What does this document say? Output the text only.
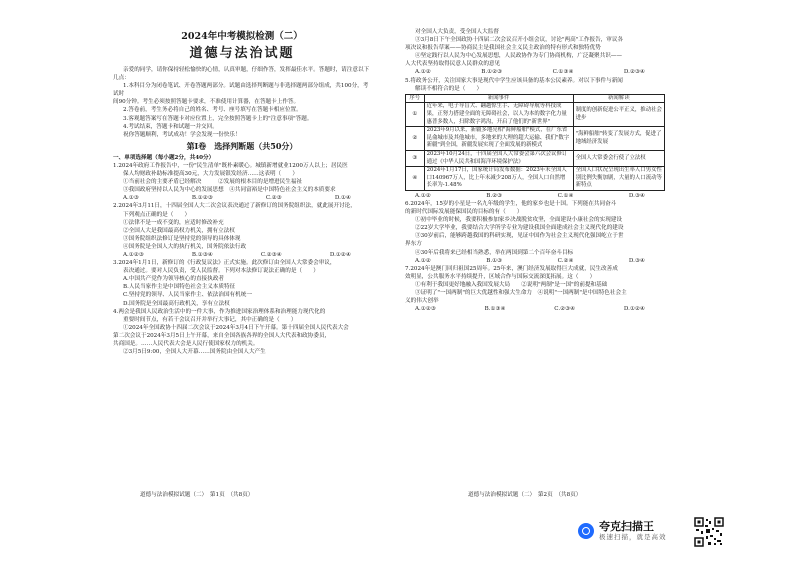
2024年中考模拟检测（二）
道德与法治试题

亲爱的同学，请你保持轻松愉快的心情，认真审题，仔细作答，发挥最佳水平。答题时，请注意以下

几点：

1.本科目分为闭卷笔试、开卷答题两部分。试题由选择判断题与非选择题两部分组成，共100分，考试时

间90分钟。考生必须按照答题卡要求，不准使用计算器，在答题卡上作答。

2.答卷前，考生务必将自己的姓名、考号、座号填写在答题卡相应位置。

3.客观题答案写在答题卡对应位置上，完全按照答题卡上的"注意事项"答题。

4.考试结束，答题卡和试题一并交回。

祝你答题顺利，考试成功！学会发现一份快乐！

第Ⅰ卷　选择判断题（共50分）

一、单项选择题（每小题2分，共40分）

1.2024年政府工作报告中，一份"民生清单"既朴素暖心。城镇新增就业1200万人以上；居民医

保人均财政补助标准提高30元，大力发展银发经济……这表明（　　）

①当前社会的主要矛盾已经解决　　　②发展的根本目的是增进民生福祉

③我国政府坚持以人民为中心的发展思想　④共同富裕是中国特色社会主义的本质要求

A.①③	B.①②③	C.②③	D.①④

2.2024年3月11日，十四届全国人大二次会议表决通过了新修订的国务院组织法，就此展开讨论，

下列观点正确的是（　　）

①法律不是一成不变的，应适时修改补充

②全国人大是我国最高权力机关，拥有立法权

③国务院组织法修订是坚持党的领导的具体体现

④国务院是全国人大的执行机关，国务院依法行政

A.①②③	B.①③④	C.②③④	D.①②④

3.2024年1月1日，新修订的《行政复议法》正式实施。此次修订由全国人大常委会审议，

表决通过。要对人民负责，受人民监督。下列对本法修订说法正确的是（　　）

A.中国共产党作为领导核心的直接执政者

B.人民当家作主是中国特色社会主义本质特征

C.坚持党的领导、人民当家作主、依法治国有机统一

D.国务院是全国最高行政机关，享有立法权

4.两会是我国人民政治生活中的一件大事，作为推进国家治理体系和治理能力现代化的

重要时间节点，有若干会议召开并举行大事记，其中正确的是（　　）

①2024年全国政协十四届二次会议于2024年3月4日下午开幕。第十四届全国人民代表大会

第二次会议于2024年3月5日上午开幕，来自全国各族各界的全国人大代表和政协委员，

共商国是。……人民代表大会是人民行使国家权力的机关。

②3月5日9:00，全国人大开幕……国务院由全国人大产生

道德与法治模拟试题（二）　第1页　（共8页）

对全国人大负责，受全国人大监督

③3月8日下午全国政协十四届二次会议召开小组会议，讨论"两高"工作报告，审议各

项决议和报告草案——协商民主是我国社会主义民主政治的特有形式和独特优势

④坚定践行以人民为中心发展思想，人民政协作为专门协商机构，广泛凝聚共识——

人大代表坚持取得民意人民群众的意见

A.①②	B.①②③	C.①③④	D.②③④

5.将政务公开，关注国家大事是现代中学生应该具备的基本公民素养。对以下事件与新闻

解读不相符合的是（　　）

序号	新闻事件	新闻解读
①	近年来，电子导盲犬、翻越惊生手、无障碍导航等科技成果，正努力搭建全面的无障碍社会，以人为本的数字化力量惠普多数人，扫除数字鸿沟，开启了他们的"新世界"	制度的创新促进公平正义，推动社会进步
②	2023年9月以来，新疆多地亮相"海鲜船舶"模式，在广东省昆侖城市及其他城市，多地来的大理的超大运输、我们"数字新疆"到全国，新疆发展实现了全面发展的新模式	"海鲜船舶"转变了发展方式，促进了地域经济发展
③	2023年10月24日，十四届全国人大常委会第六次会议修订通过《中华人民共和国海洋环境保护法》	全国人大常委会行使了立法权
④	2024年1月17日，国家统计局发布数据：2023年末全国人口140967万人，比上年末减少208万人，全国人口自然增长率为-1.48%	全国人口状况呈现出生率人口男女性别比例失衡加剧，大量的人口流动等新特点
A.①②	B.②③	C.①④	D.③④

6.2024年，15岁的小星是一名九年级的学生，他的家乡也是十国。下列能在共同奋斗

的新时代国际发展能保国民的目标的有（　　）

①初中毕业的时候，我要积极参加家乡决战脱贫攻坚，全面建设小康社会的实现建设

②22岁大学毕业，我要结合大学所学专业为建设我国全面建成社会主义现代化的建设

③30岁前后，能够跨越我国的科研实现，见证中国作为社会主义现代化强国屹立于世

界东方

④30年后我将来已经相当熟悉，举在两国到第二个百年奋斗目标

A.①②	B.①③	C.②④	D.③④

7.2024年是澳门回归祖国25周年。25年来，澳门经济发展取得巨大成就，民生改善成

效明显，公共服务水平持续提升，区域合作与国际交流深度拓展。这（　　）

①有利于我国更好地融入我国发展大局　　②说明"两制"是一国"的前提和基础

③证明了"一国两制"的巨大优越性和强大生命力　④说明"一国两制"是中国特色社会主

义的伟大创举

A.①②③	B.①③④	C.②③④	D.①②④
道德与法治模拟试题（二）　第2页　（共8页）
夸克扫描王
极速扫描，就是高效
